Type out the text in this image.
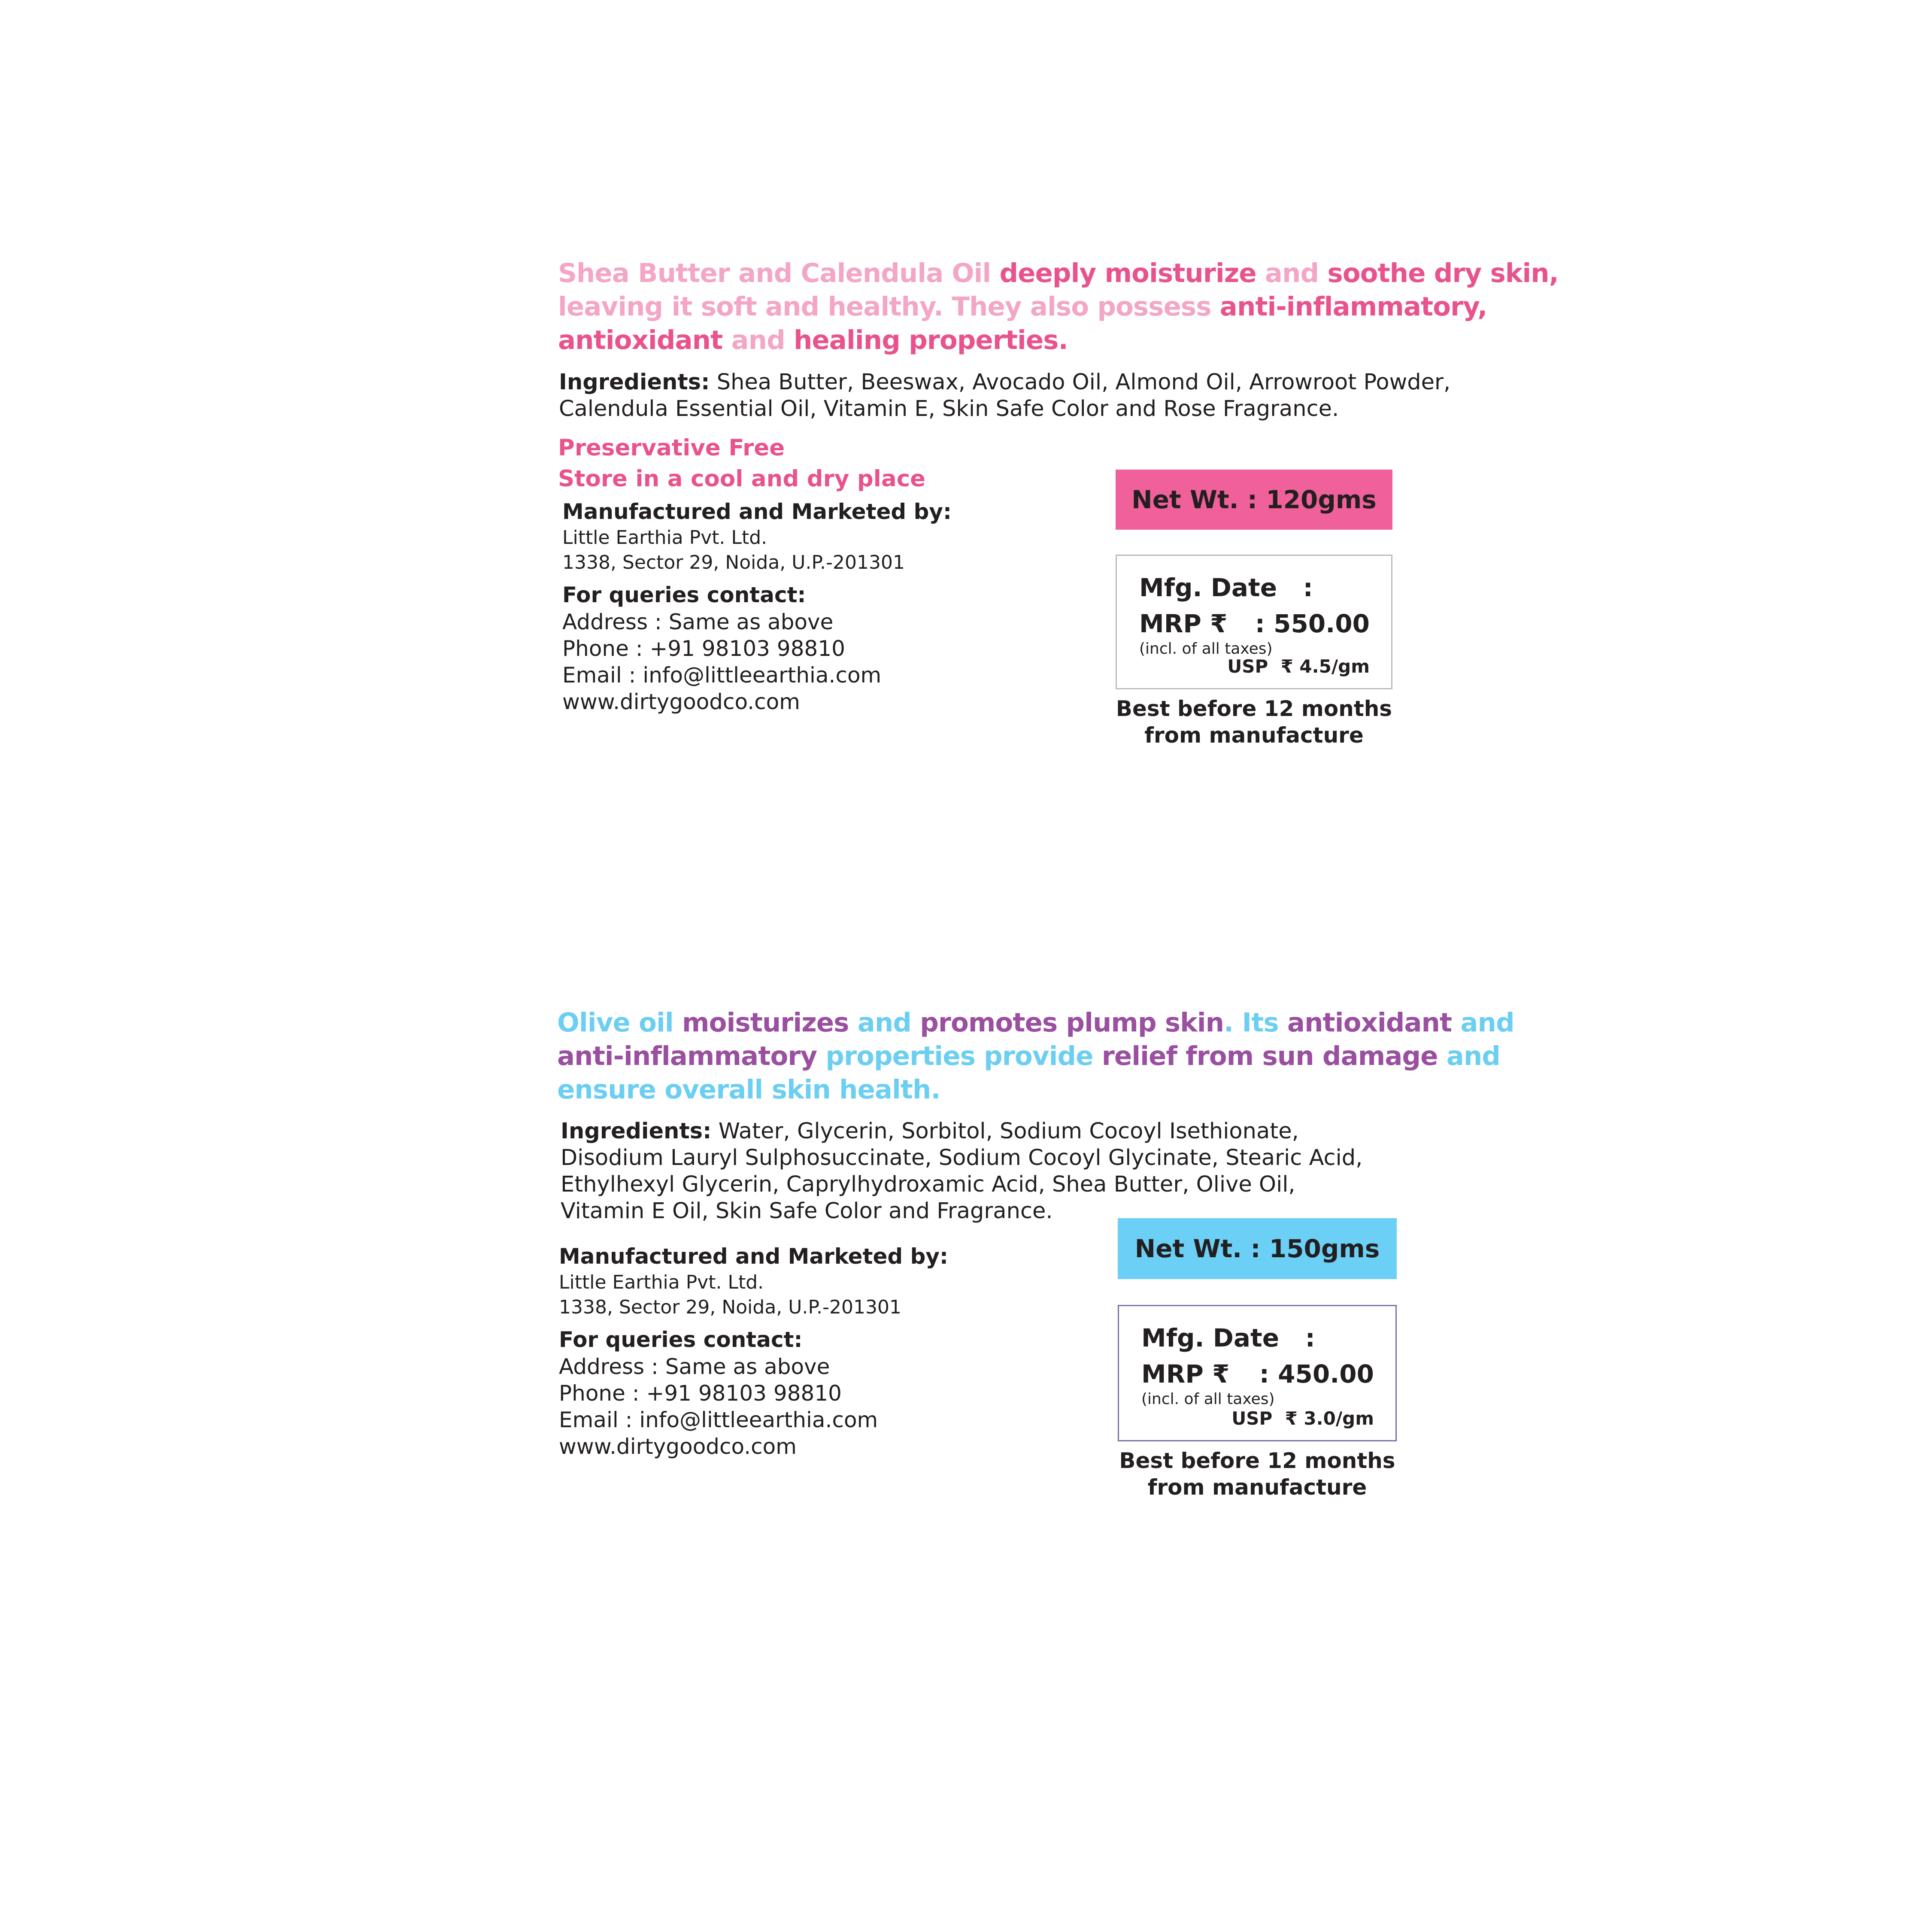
Shea Butter and Calendula Oil deeply moisturize and soothe dry skin,
leaving it soft and healthy. They also possess anti-inflammatory,
antioxidant and healing properties.
Ingredients: Shea Butter, Beeswax, Avocado Oil, Almond Oil, Arrowroot Powder,
Calendula Essential Oil, Vitamin E, Skin Safe Color and Rose Fragrance.
Preservative Free
Store in a cool and dry place
Manufactured and Marketed by:
Little Earthia Pvt. Ltd.
1338, Sector 29, Noida, U.P.-201301
For queries contact:
Address : Same as above
Phone : +91 98103 98810
Email : info@littleearthia.com
www.dirtygoodco.com
Net Wt. : 120gms
Mfg. Date   :
MRP ₹ : 550.00
(incl. of all taxes)
USP  ₹ 4.5/gm
Best before 12 months
from manufacture
Olive oil moisturizes and promotes plump skin. Its antioxidant and
anti-inflammatory properties provide relief from sun damage and
ensure overall skin health.
Ingredients: Water, Glycerin, Sorbitol, Sodium Cocoyl Isethionate,
Disodium Lauryl Sulphosuccinate, Sodium Cocoyl Glycinate, Stearic Acid,
Ethylhexyl Glycerin, Caprylhydroxamic Acid, Shea Butter, Olive Oil,
Vitamin E Oil, Skin Safe Color and Fragrance.
Manufactured and Marketed by:
Little Earthia Pvt. Ltd.
1338, Sector 29, Noida, U.P.-201301
For queries contact:
Address : Same as above
Phone : +91 98103 98810
Email : info@littleearthia.com
www.dirtygoodco.com
Net Wt. : 150gms
Mfg. Date   :
MRP ₹ : 450.00
(incl. of all taxes)
USP  ₹ 3.0/gm
Best before 12 months
from manufacture
